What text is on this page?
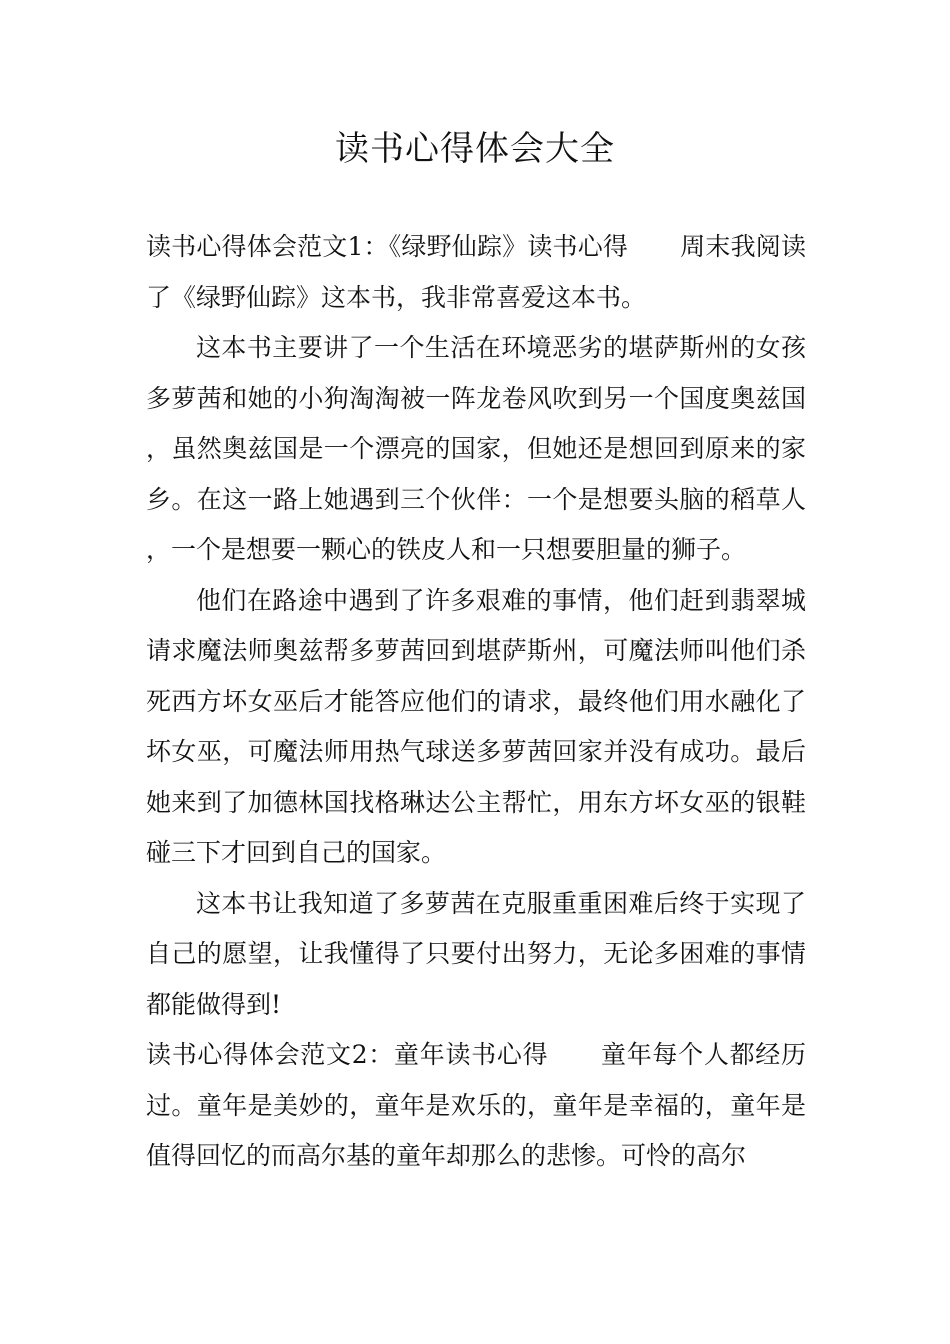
读书心得体会大全

读书心得体会范文1：《绿野仙踪》读书心得 周末我阅读了《绿野仙踪》这本书，我非常喜爱这本书。

这本书主要讲了一个生活在环境恶劣的堪萨斯州的女孩多萝茜和她的小狗淘淘被一阵龙卷风吹到另一个国度奥兹国，虽然奥兹国是一个漂亮的国家，但她还是想回到原来的家乡。在这一路上她遇到三个伙伴：一个是想要头脑的稻草人，一个是想要一颗心的铁皮人和一只想要胆量的狮子。

他们在路途中遇到了许多艰难的事情，他们赶到翡翠城请求魔法师奥兹帮多萝茜回到堪萨斯州，可魔法师叫他们杀死西方坏女巫后才能答应他们的请求，最终他们用水融化了坏女巫，可魔法师用热气球送多萝茜回家并没有成功。最后她来到了加德林国找格琳达公主帮忙，用东方坏女巫的银鞋碰三下才回到自己的国家。

这本书让我知道了多萝茜在克服重重困难后终于实现了自己的愿望，让我懂得了只要付出努力，无论多困难的事情都能做得到!

读书心得体会范文2：童年读书心得 童年每个人都经历过。童年是美妙的，童年是欢乐的，童年是幸福的，童年是值得回忆的而高尔基的童年却那么的悲惨。可怜的高尔
